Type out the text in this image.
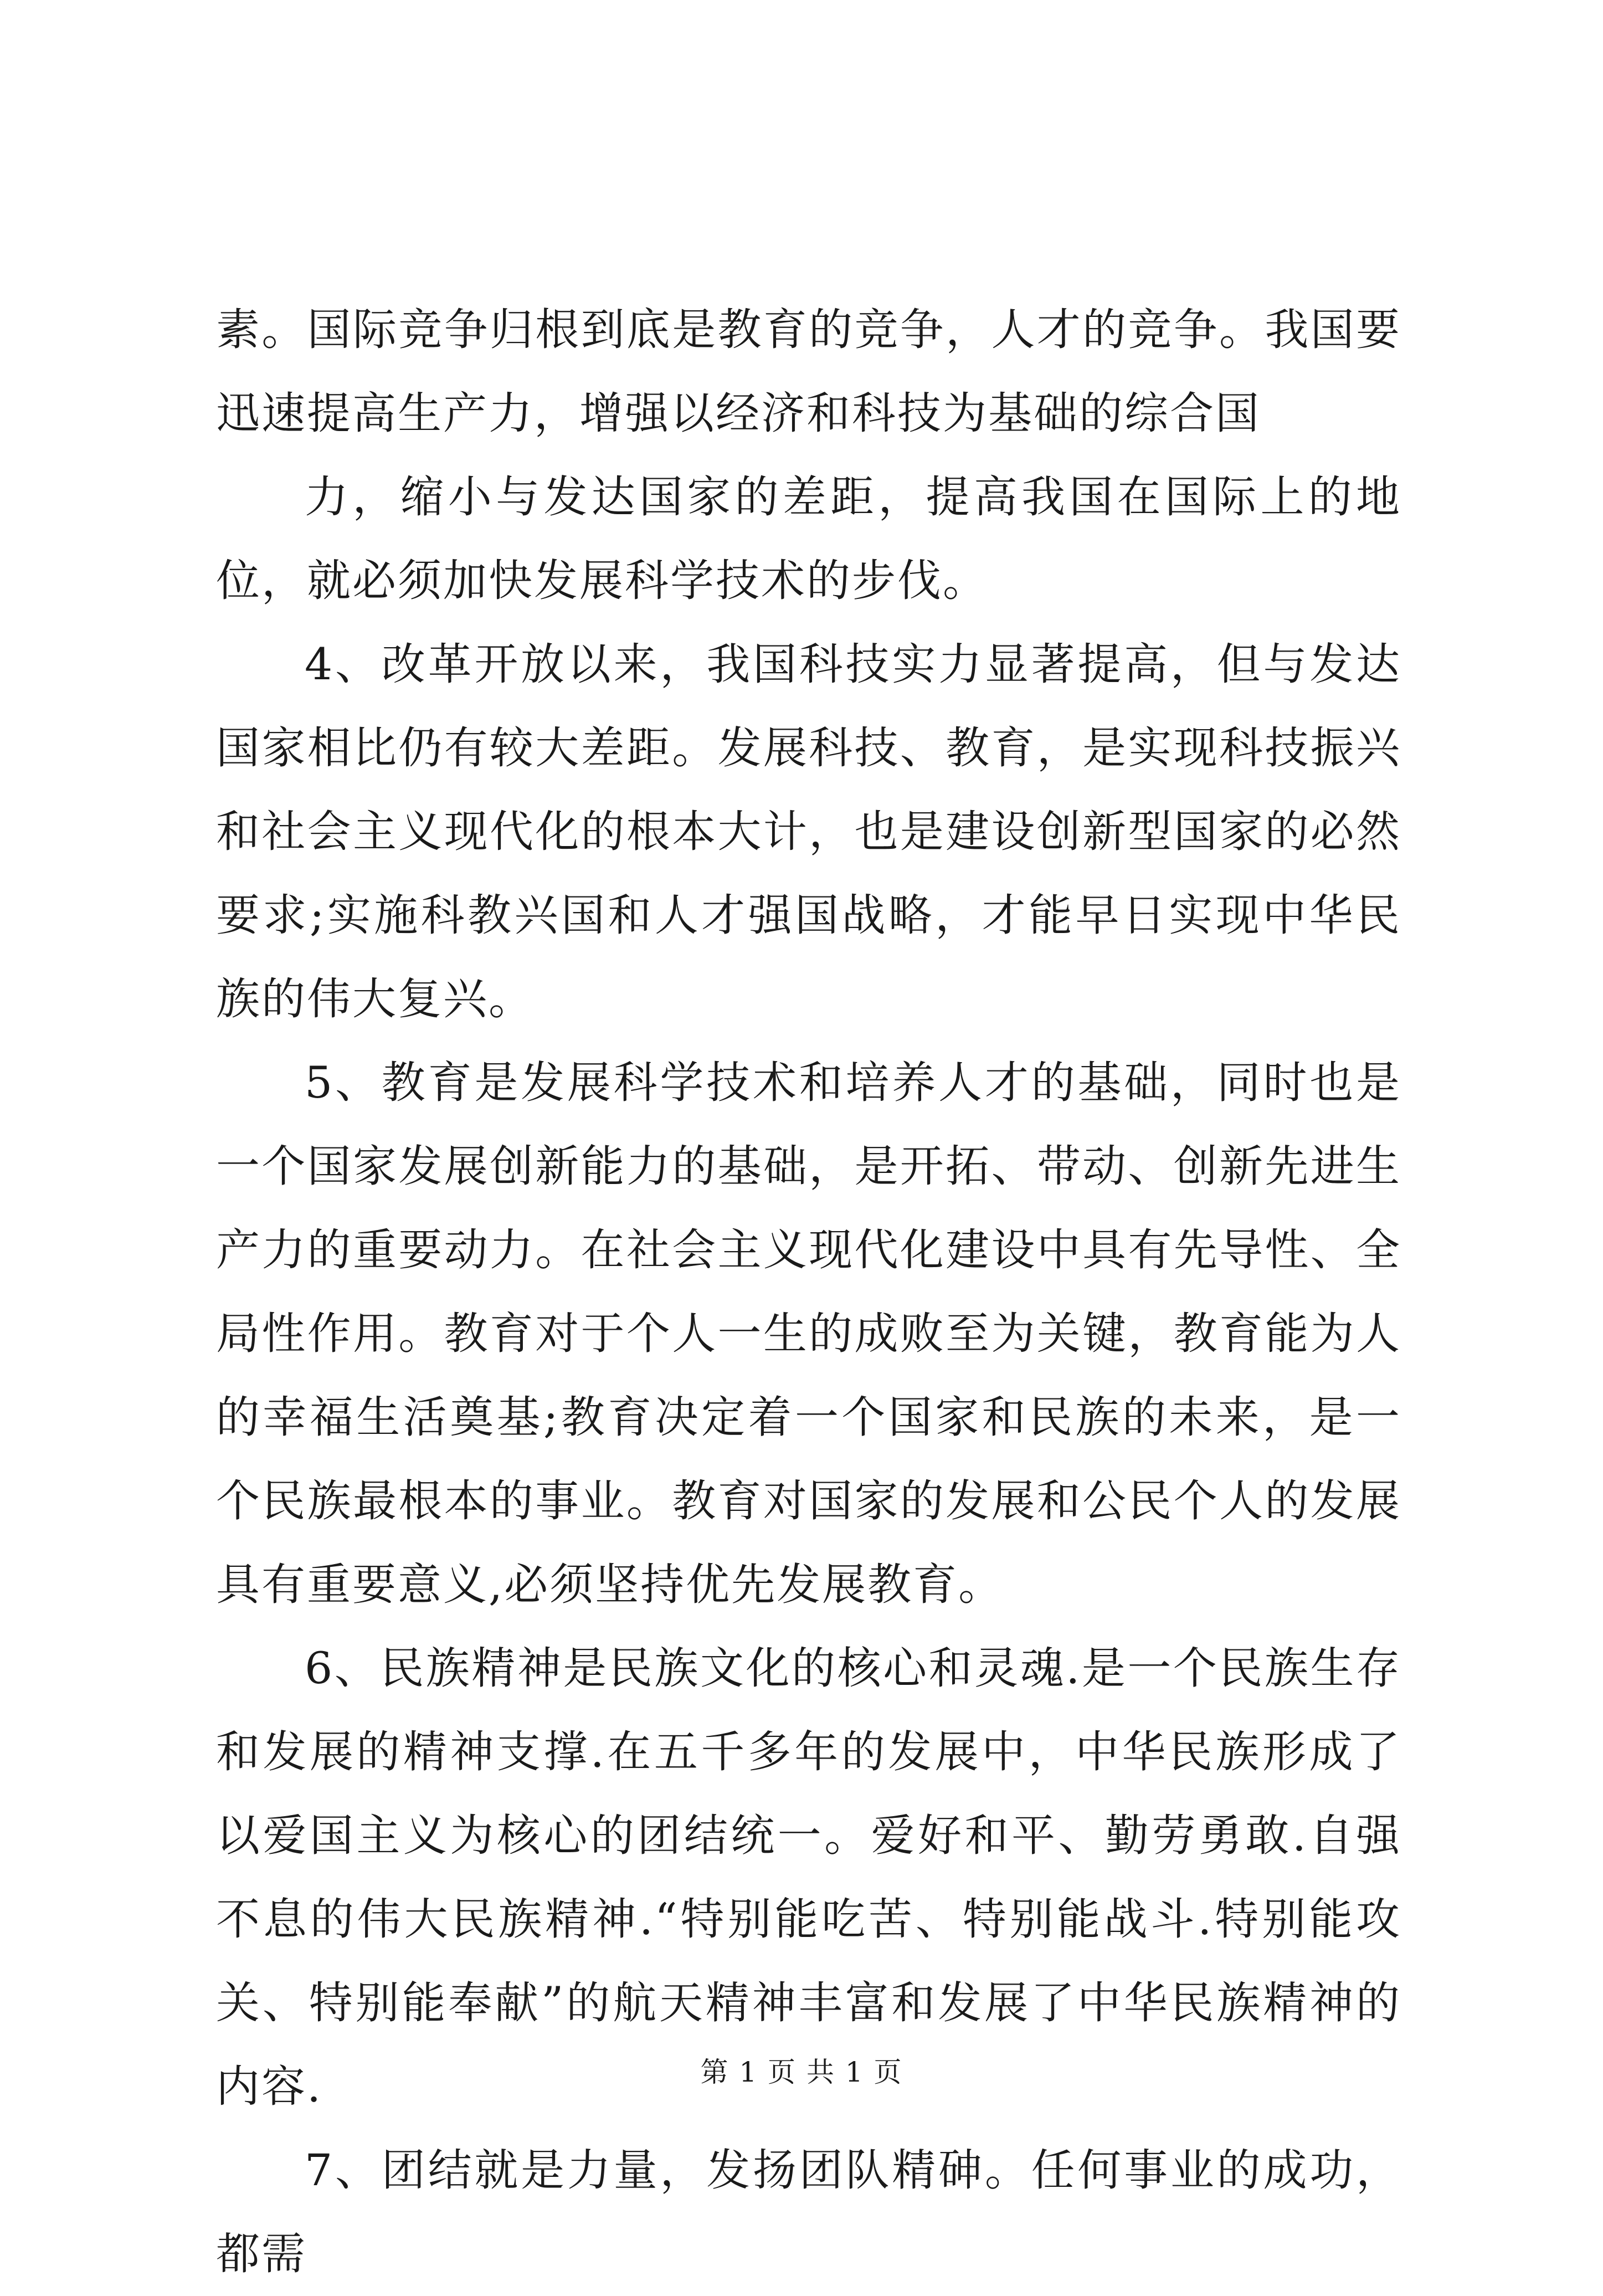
素。国际竞争归根到底是教育的竞争，人才的竞争。我国要迅速提高生产力，增强以经济和科技为基础的综合国

力，缩小与发达国家的差距，提高我国在国际上的地位，就必须加快发展科学技术的步伐。

4、改革开放以来，我国科技实力显著提高，但与发达国家相比仍有较大差距。发展科技、教育，是实现科技振兴和社会主义现代化的根本大计，也是建设创新型国家的必然要求;实施科教兴国和人才强国战略，才能早日实现中华民族的伟大复兴。

5、教育是发展科学技术和培养人才的基础，同时也是一个国家发展创新能力的基础，是开拓、带动、创新先进生产力的重要动力。在社会主义现代化建设中具有先导性、全局性作用。教育对于个人一生的成败至为关键，教育能为人的幸福生活奠基;教育决定着一个国家和民族的未来，是一个民族最根本的事业。教育对国家的发展和公民个人的发展具有重要意义,必须坚持优先发展教育。

6、民族精神是民族文化的核心和灵魂.是一个民族生存和发展的精神支撑.在五千多年的发展中，中华民族形成了以爱国主义为核心的团结统一。爱好和平、勤劳勇敢.自强不息的伟大民族精神.“特别能吃苦、特别能战斗.特别能攻关、特别能奉献”的航天精神丰富和发展了中华民族精神的内容.

7、团结就是力量，发扬团队精砷。任何事业的成功，都需

第 1 页 共 1 页
